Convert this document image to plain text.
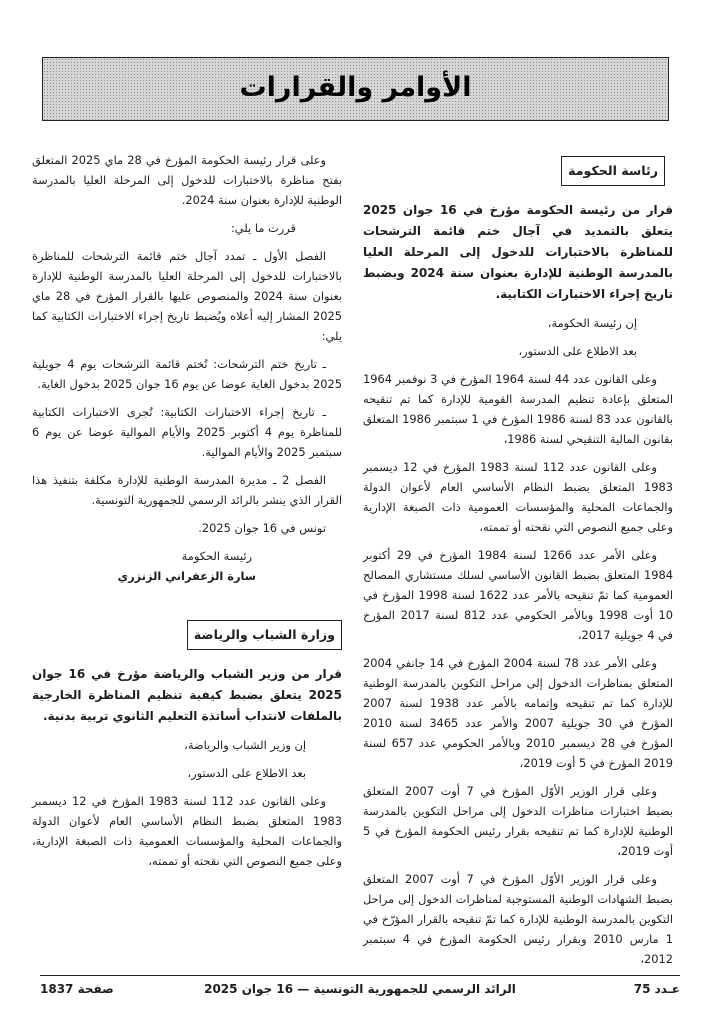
الأوامر والقرارات
رئاسة الحكومة

قرار من رئيسة الحكومة مؤرخ في 16 جوان 2025 يتعلق بالتمديد في آجال ختم قائمة الترشحات للمناظرة بالاختبارات للدخول إلى المرحلة العليا بالمدرسة الوطنية للإدارة بعنوان سنة 2024 وبضبط تاريخ إجراء الاختبارات الكتابية.

إن رئيسة الحكومة،

بعد الاطلاع على الدستور،

وعلى القانون عدد 44 لسنة 1964 المؤرخ في 3 نوفمبر 1964 المتعلق بإعادة تنظيم المدرسة القومية للإدارة كما تم تنقيحه بالقانون عدد 83 لسنة 1986 المؤرخ في 1 سبتمبر 1986 المتعلق بقانون المالية التنقيحي لسنة 1986،

وعلى القانون عدد 112 لسنة 1983 المؤرخ في 12 ديسمبر 1983 المتعلق بضبط النظام الأساسي العام لأعوان الدولة والجماعات المحلية والمؤسسات العمومية ذات الصبغة الإدارية وعلى جميع النصوص التي نقحته أو تممته،

وعلى الأمر عدد 1266 لسنة 1984 المؤرخ في 29 أكتوبر 1984 المتعلق بضبط القانون الأساسي لسلك مستشاري المصالح العمومية كما تمّ تنقيحه بالأمر عدد 1622 لسنة 1998 المؤرخ في 10 أوت 1998 وبالأمر الحكومي عدد 812 لسنة 2017 المؤرخ في 4 جويلية 2017،

وعلى الأمر عدد 78 لسنة 2004 المؤرخ في 14 جانفي 2004 المتعلق بمناظرات الدخول إلى مراحل التكوين بالمدرسة الوطنية للإدارة كما تم تنقيحه وإتمامه بالأمر عدد 1938 لسنة 2007 المؤرخ في 30 جويلية 2007 والأمر عدد 3465 لسنة 2010 المؤرخ في 28 ديسمبر 2010 وبالأمر الحكومي عدد 657 لسنة 2019 المؤرخ في 5 أوت 2019،

وعلى قرار الوزير الأوّل المؤرخ في 7 أوت 2007 المتعلق بضبط اختبارات مناظرات الدخول إلى مراحل التكوين بالمدرسة الوطنية للإدارة كما تم تنقيحه بقرار رئيس الحكومة المؤرخ في 5 أوت 2019،

وعلى قرار الوزير الأوّل المؤرخ في 7 أوت 2007 المتعلق بضبط الشهادات الوطنية المستوجبة لمناظرات الدخول إلى مراحل التكوين بالمدرسة الوطنية للإدارة كما تمّ تنقيحه بالقرار المؤرّخ في 1 مارس 2010 وبقرار رئيس الحكومة المؤرخ في 4 سبتمبر 2012،

وعلى قرار رئيسة الحكومة المؤرخ في 28 ماي 2025 المتعلق بفتح مناظرة بالاختبارات للدخول إلى المرحلة العليا بالمدرسة الوطنية للإدارة بعنوان سنة 2024.

قررت ما يلي:

الفصل الأول ـ تمدد آجال ختم قائمة الترشحات للمناظرة بالاختبارات للدخول إلى المرحلة العليا بالمدرسة الوطنية للإدارة بعنوان سنة 2024 والمنصوص عليها بالقرار المؤرخ في 28 ماي 2025 المشار إليه أعلاه ويُضبط تاريخ إجراء الاختبارات الكتابية كما يلي:

ـ تاريخ ختم الترشحات: تُختم قائمة الترشحات يوم 4 جويلية 2025 بدخول الغاية عوضا عن يوم 16 جوان 2025 بدخول الغاية.

ـ تاريخ إجراء الاختبارات الكتابية: تُجرى الاختبارات الكتابية للمناظرة يوم 4 أكتوبر 2025 والأيام الموالية عوضا عن يوم 6 سبتمبر 2025 والأيام الموالية.

الفصل 2 ـ مديرة المدرسة الوطنية للإدارة مكلفة بتنفيذ هذا القرار الذي ينشر بالرائد الرسمي للجمهورية التونسية.

تونس في 16 جوان 2025.

رئيسة الحكومة
سارة الزعفراني الزنزري
وزارة الشباب والرياضة

قرار من وزير الشباب والرياضة مؤرخ في 16 جوان 2025 يتعلق بضبط كيفية تنظيم المناظرة الخارجية بالملفات لانتداب أساتذة التعليم الثانوي تربية بدنية.

إن وزير الشباب والرياضة،

بعد الاطلاع على الدستور،

وعلى القانون عدد 112 لسنة 1983 المؤرخ في 12 ديسمبر 1983 المتعلق بضبط النظام الأساسي العام لأعوان الدولة والجماعات المحلية والمؤسسات العمومية ذات الصبغة الإدارية، وعلى جميع النصوص التي نقحته أو تممته،

عـدد 75
الرائد الرسمي للجمهورية التونسية — 16 جوان 2025
صفحة 1837
